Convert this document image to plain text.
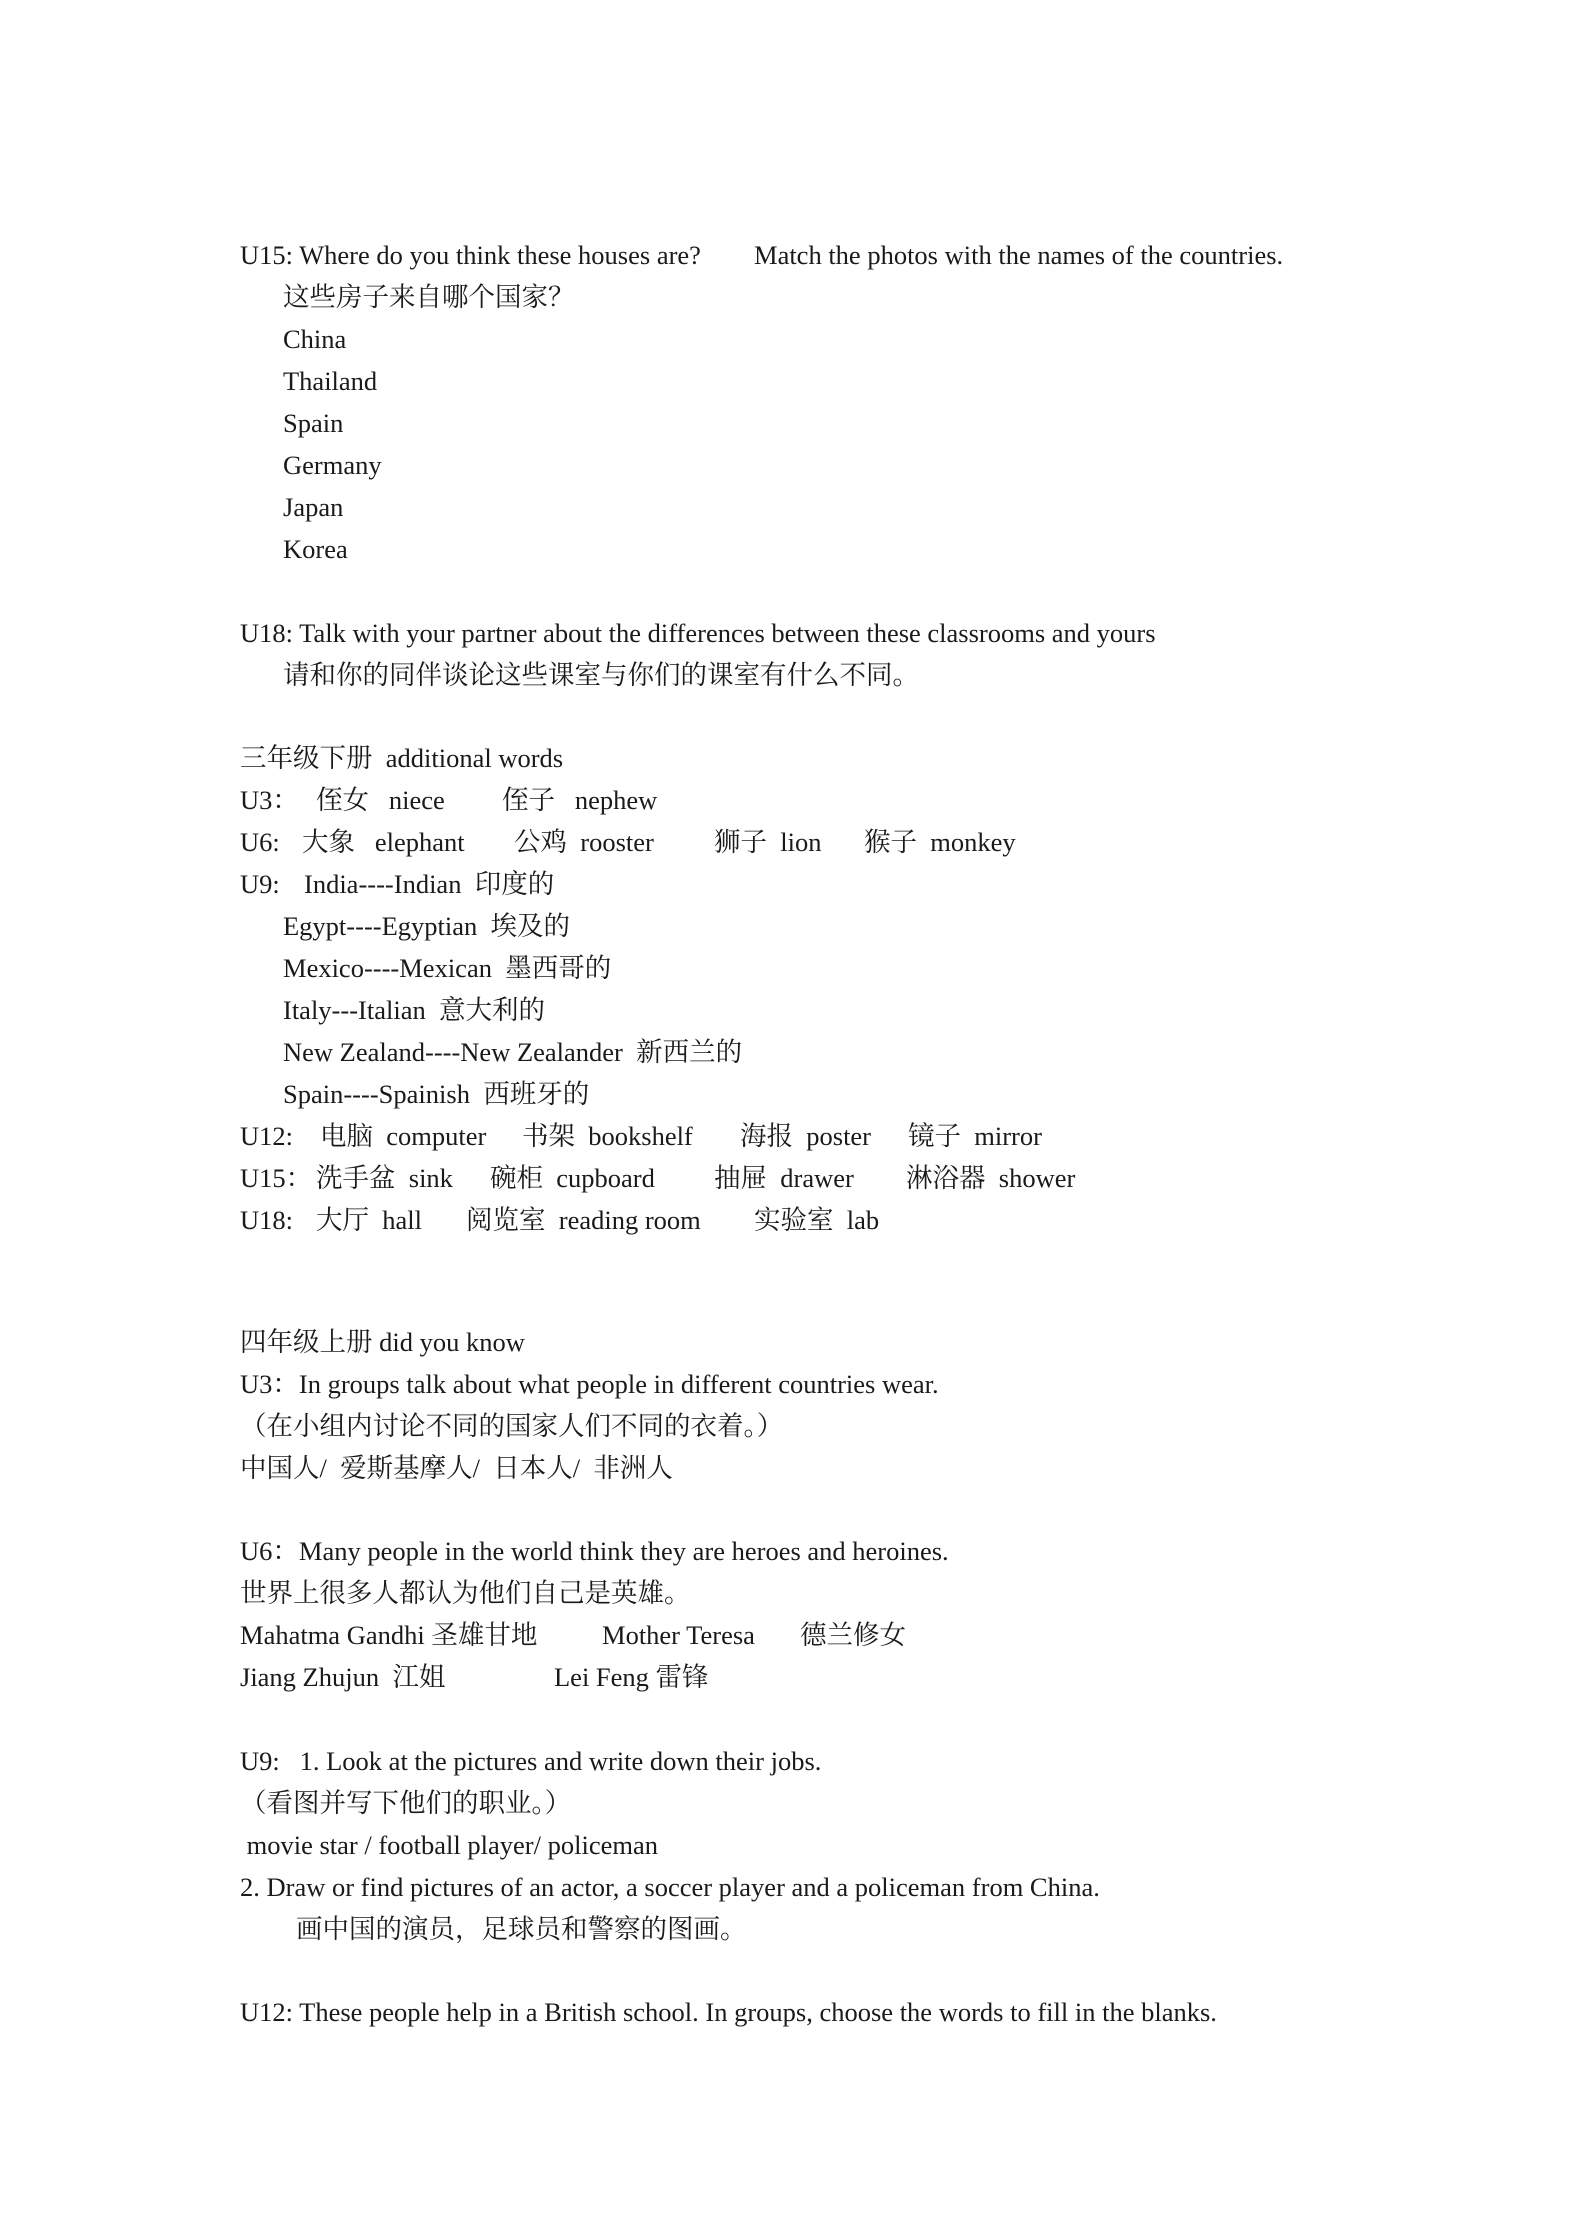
U15: Where do you think these houses are?

Match the photos with the names of the countries.

这些房子来自哪个国家？
China
Thailand
Spain
Germany
Japan
Korea
U18: Talk with your partner about the differences between these classrooms and yours
请和你的同伴谈论这些课室与你们的课室有什么不同。
三年级下册  additional words

U3：

侄女   niece

侄子   nephew

U6:

大象   elephant

公鸡  rooster

狮子  lion

猴子  monkey

U9:

India----Indian  印度的

Egypt----Egyptian  埃及的
Mexico----Mexican  墨西哥的
Italy---Italian  意大利的
New Zealand----New Zealander  新西兰的
Spain----Spainish  西班牙的

U12:

电脑  computer

书架  bookshelf

海报  poster

镜子  mirror

U15：

洗手盆  sink

碗柜  cupboard

抽屉  drawer

淋浴器  shower

U18:

大厅  hall

阅览室  reading room

实验室  lab

四年级上册 did you know
U3：In groups talk about what people in different countries wear.
（在小组内讨论不同的国家人们不同的衣着。）
中国人/  爱斯基摩人/  日本人/  非洲人
U6：Many people in the world think they are heroes and heroines.
世界上很多人都认为他们自己是英雄。

Mahatma Gandhi 圣雄甘地

Mother Teresa

德兰修女

Jiang Zhujun  江姐

	Lei Feng 雷锋

U9:   1. Look at the pictures and write down their jobs.
（看图并写下他们的职业。）
movie star / football player/ policeman
2. Draw or find pictures of an actor, a soccer player and a policeman from China.
画中国的演员，足球员和警察的图画。
U12: These people help in a British school. In groups, choose the words to fill in the blanks.
